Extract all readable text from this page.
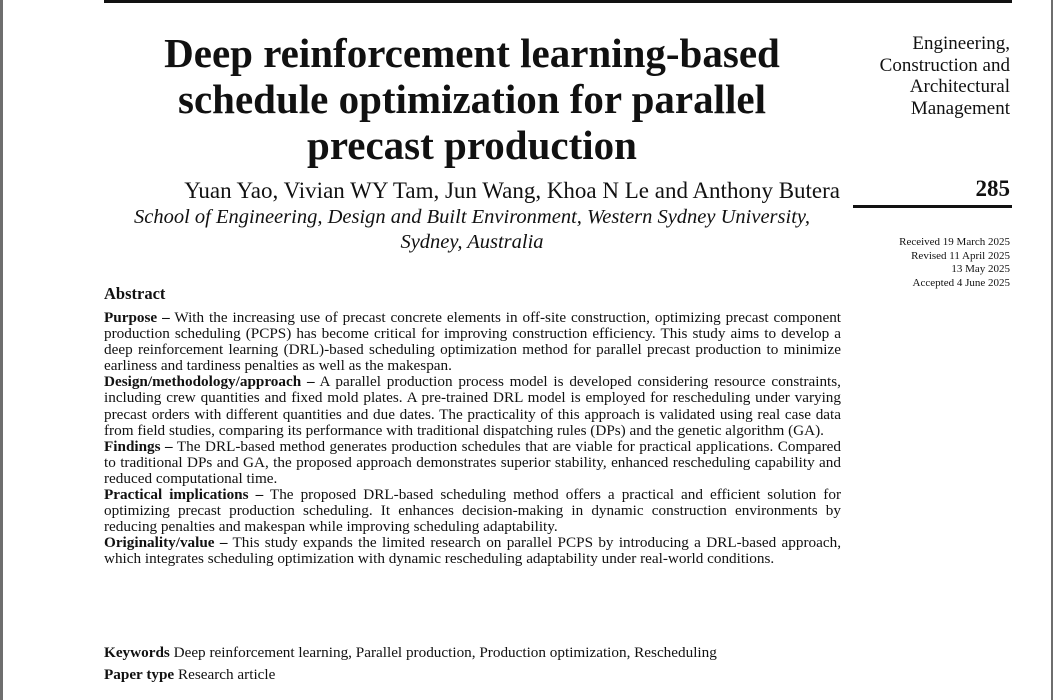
Deep reinforcement learning-based
schedule optimization for parallel
precast production
Yuan Yao, Vivian WY Tam, Jun Wang, Khoa N Le and Anthony Butera
School of Engineering, Design and Built Environment, Western Sydney University,
Sydney, Australia
Engineering,
Construction and
Architectural
Management
285
Received 19 March 2025
Revised 11 April 2025
13 May 2025
Accepted 4 June 2025
Abstract

Purpose – With the increasing use of precast concrete elements in off-site construction, optimizing precast component production scheduling (PCPS) has become critical for improving construction efficiency. This study aims to develop a deep reinforcement learning (DRL)-based scheduling optimization method for parallel precast production to minimize earliness and tardiness penalties as well as the makespan.

Design/methodology/approach – A parallel production process model is developed considering resource constraints, including crew quantities and fixed mold plates. A pre-trained DRL model is employed for rescheduling under varying precast orders with different quantities and due dates. The practicality of this approach is validated using real case data from field studies, comparing its performance with traditional dispatching rules (DPs) and the genetic algorithm (GA).

Findings – The DRL-based method generates production schedules that are viable for practical applications. Compared to traditional DPs and GA, the proposed approach demonstrates superior stability, enhanced rescheduling capability and reduced computational time.

Practical implications – The proposed DRL-based scheduling method offers a practical and efficient solution for optimizing precast production scheduling. It enhances decision-making in dynamic construction environments by reducing penalties and makespan while improving scheduling adaptability.

Originality/value – This study expands the limited research on parallel PCPS by introducing a DRL-based approach, which integrates scheduling optimization with dynamic rescheduling adaptability under real-world conditions.

Keywords Deep reinforcement learning, Parallel production, Production optimization, Rescheduling
Paper type Research article
